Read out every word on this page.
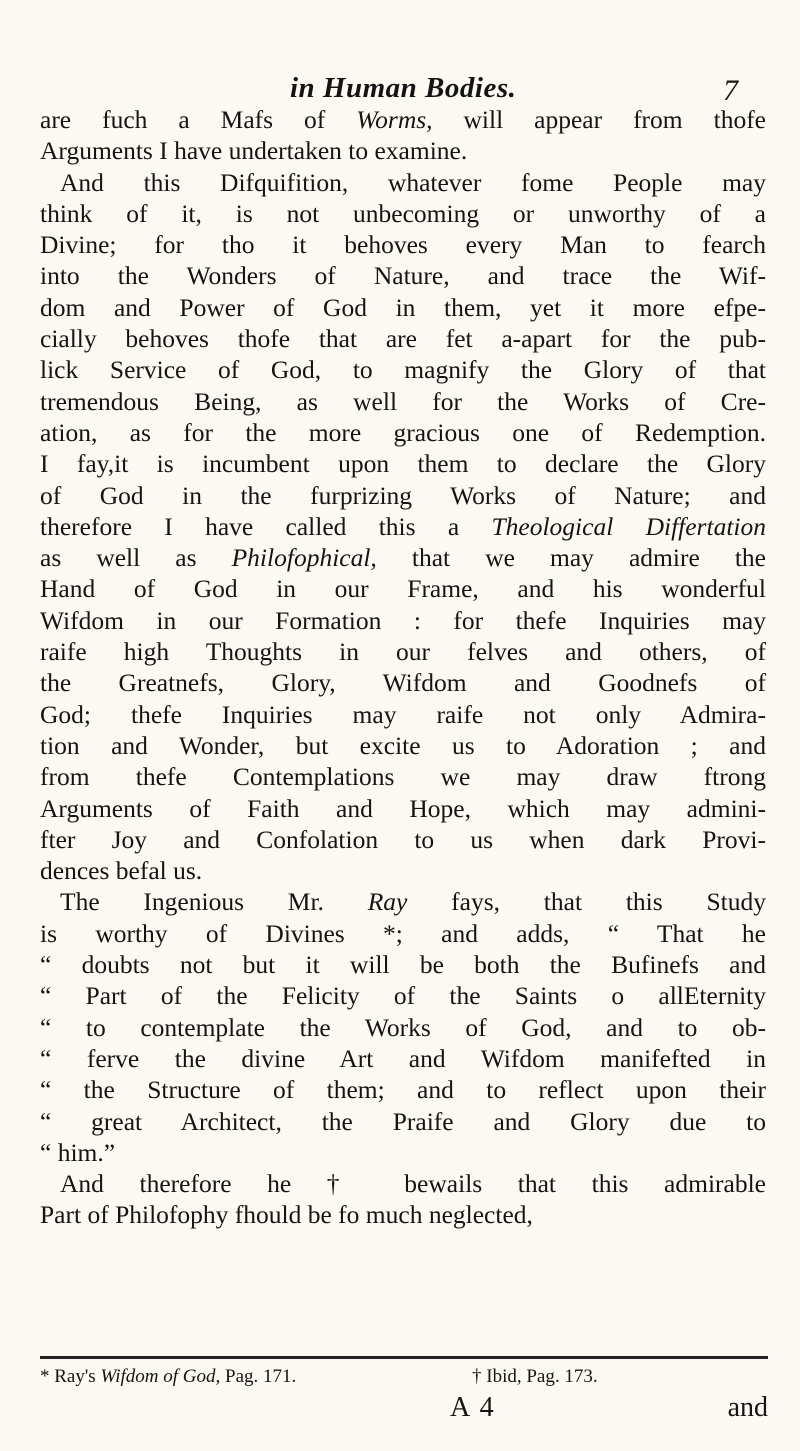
in Human Bodies.	7
are fuch a Mafs of Worms, will appear from thofe
Arguments I have undertaken to examine.
And this Difquifition, whatever fome People may
think of it, is not unbecoming or unworthy of a
Divine; for tho it behoves every Man to fearch
into the Wonders of Nature, and trace the Wif-
dom and Power of God in them, yet it more efpe-
cially behoves thofe that are fet a-apart for the pub-
lick Service of God, to magnify the Glory of that
tremendous Being, as well for the Works of Cre-
ation, as for the more gracious one of Redemption.
I fay,it is incumbent upon them to declare the Glory
of God in the furprizing Works of Nature; and
therefore I have called this a Theological Differtation
as well as Philofophical, that we may admire the
Hand of God in our Frame, and his wonderful
Wifdom in our Formation : for thefe Inquiries may
raife high Thoughts in our felves and others, of
the Greatnefs, Glory, Wifdom and Goodnefs of
God; thefe Inquiries may raife not only Admira-
tion and Wonder, but excite us to Adoration ; and
from thefe Contemplations we may draw ftrong
Arguments of Faith and Hope, which may admini-
fter Joy and Confolation to us when dark Provi-
dences befal us.
The Ingenious Mr. Ray fays, that this Study
is worthy of Divines *; and adds, “ That he
“ doubts not but it will be both the Bufinefs and
“ Part of the Felicity of the Saints o allEternity
“ to contemplate the Works of God, and to ob-
“ ferve the divine Art and Wifdom manifefted in
“ the Structure of them; and to reflect upon their
“ great Architect, the Praife and Glory due to
“ him.”
And therefore he † bewails that this admirable
Part of Philofophy fhould be fo much neglected,
* Ray's Wifdom of God, Pag. 171.	† Ibid, Pag. 173.
A 4	and
